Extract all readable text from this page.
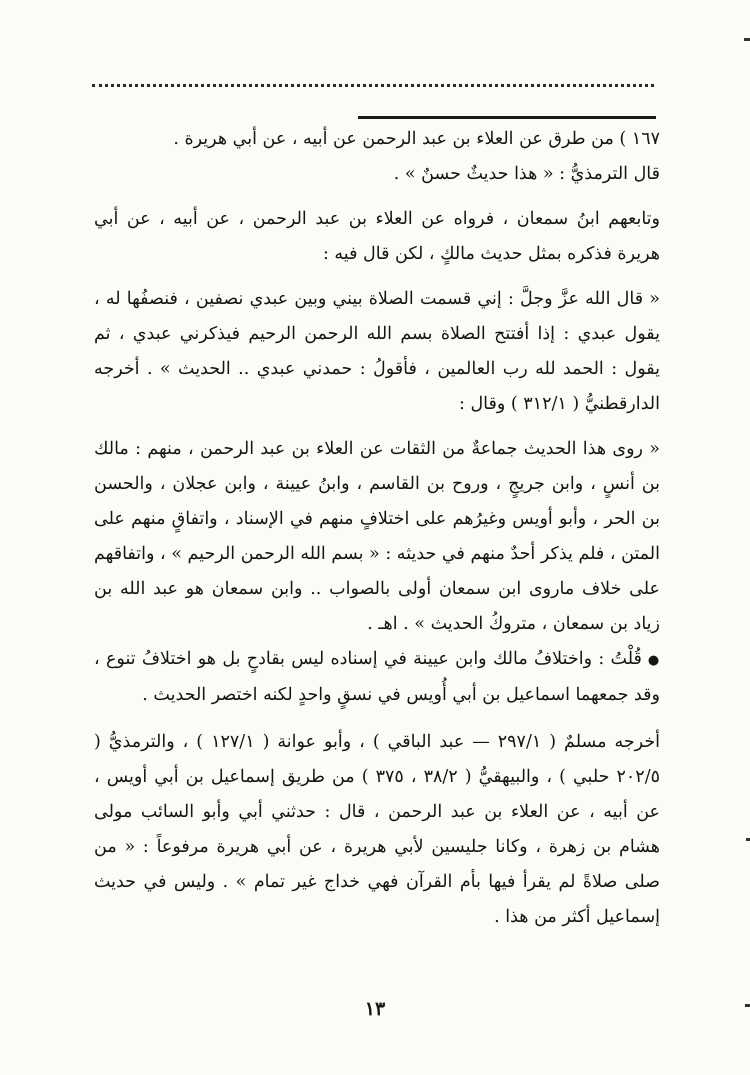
١٦٧ ) من طرق عن العلاء بن عبد الرحمن عن أبيه ، عن أبي هريرة .

قال الترمذيُّ : « هذا حديثٌ حسنٌ » .

وتابعهم ابنُ سمعان ، فرواه عن العلاء بن عبد الرحمن ، عن أبيه ، عن أبي هريرة فذكره بمثل حديث مالكٍ ، لكن قال فيه :

« قال الله عزَّ وجلَّ : إني قسمت الصلاة بيني وبين عبدي نصفين ، فنصفُها له ، يقول عبدي : إذا أفتتح الصلاة بسم الله الرحمن الرحيم فيذكرني عبدي ، ثم يقول : الحمد لله رب العالمين ، فأقولُ : حمدني عبدي .. الحديث » . أخرجه الدارقطنيُّ ( ٣١٢/١ ) وقال :

« روى هذا الحديث جماعةٌ من الثقات عن العلاء بن عبد الرحمن ، منهم : مالك بن أنسٍ ، وابن جريجٍ ، وروح بن القاسم ، وابنُ عيينة ، وابن عجلان ، والحسن بن الحر ، وأبو أويس وغيرُهم على اختلافٍ منهم في الإسناد ، واتفاقٍ منهم على المتن ، فلم يذكر أحدٌ منهم في حديثه : « بسم الله الرحمن الرحيم » ، واتفاقهم على خلاف ماروى ابن سمعان أولى بالصواب .. وابن سمعان هو عبد الله بن زياد بن سمعان ، متروكُ الحديث » . اهـ .

● قُلْتُ : واختلافُ مالك وابن عيينة في إسناده ليس بقادحٍ بل هو اختلافُ تنوع ، وقد جمعهما اسماعيل بن أبي أُويس في نسقٍ واحدٍ لكنه اختصر الحديث .

أخرجه مسلمٌ ( ٢٩٧/١ — عبد الباقي ) ، وأبو عوانة ( ١٢٧/١ ) ، والترمذيُّ ( ٢٠٢/٥ حلبي ) ، والبيهقيُّ ( ٣٨/٢ ، ٣٧٥ ) من طريق إسماعيل بن أبي أويس ، عن أبيه ، عن العلاء بن عبد الرحمن ، قال : حدثني أبي وأبو السائب مولى هشام بن زهرة ، وكانا جليسين لأبي هريرة ، عن أبي هريرة مرفوعاً : « من صلى صلاةً لم يقرأ فيها بأم القرآن فهي خداج غير تمام » . وليس في حديث إسماعيل أكثر من هذا .

١٣
